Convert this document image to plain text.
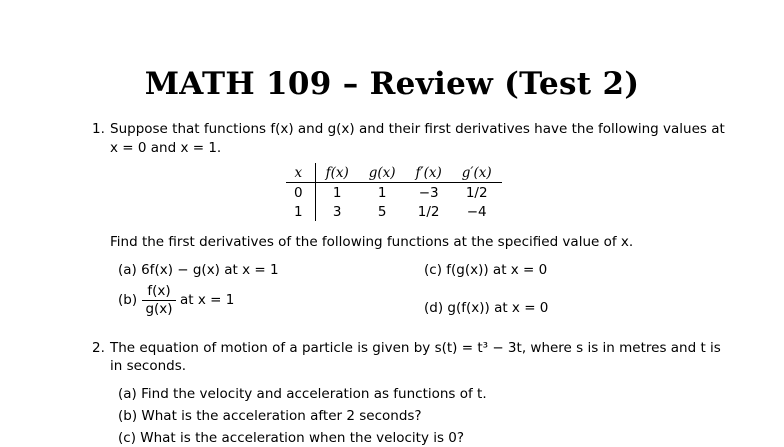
MATH 109 – Review (Test 2)
1. Suppose that functions f(x) and g(x) and their first derivatives have the following values at
x = 0 and x = 1.
x	f(x)	g(x)	f′(x)	g′(x)
0	1	1	−3	1/2
1	3	5	1/2	−4
Find the first derivatives of the following functions at the specified value of x.
(a) 6f(x) − g(x) at x = 1	(c) f(g(x)) at x = 0
(b)
f(x)
g(x)
at x = 1	(d) g(f(x)) at x = 0
2. The equation of motion of a particle is given by s(t) = t³ − 3t, where s is in metres and t is
in seconds.
(a) Find the velocity and acceleration as functions of t.
(b) What is the acceleration after 2 seconds?
(c) What is the acceleration when the velocity is 0?
